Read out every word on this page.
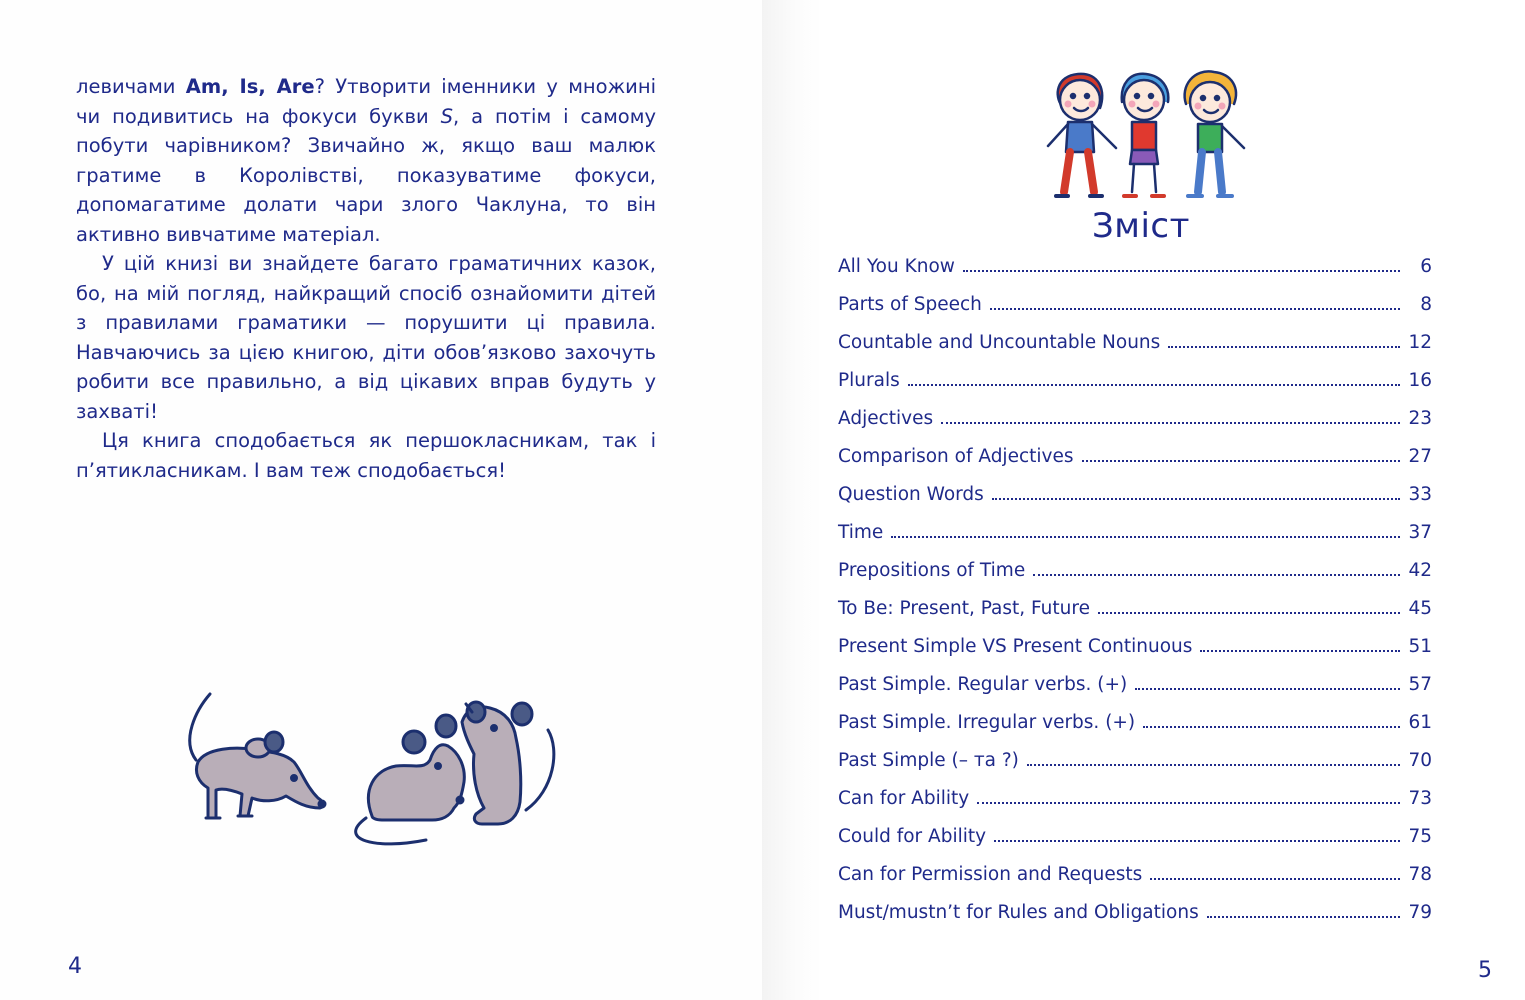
левичами Am, Is, Are? Утворити іменники у множині чи подивитись на фокуси букви S, а потім і самому побути чарівником? Звичайно ж, якщо ваш малюк гратиме в Королівстві, показуватиме фокуси, допомагатиме долати чари злого Чаклуна, то він активно вивчатиме матеріал.

У цій книзі ви знайдете багато граматичних казок, бо, на мій погляд, найкращий спосіб ознайомити дітей з правилами граматики — порушити ці правила. Навчаючись за цією книгою, діти обов’язково захочуть робити все правильно, а від цікавих вправ будуть у захваті!

Ця книга сподобається як першокласникам, так і п’ятикласникам. І вам теж сподобається!

4
Зміст
All You Know	6
Parts of Speech	8
Countable and Uncountable Nouns	12
Plurals	16
Adjectives	23
Comparison of Adjectives	27
Question Words	33
Time	37
Prepositions of Time	42
To Be: Present, Past, Future	45
Present Simple VS Present Continuous	51
Past Simple. Regular verbs. (+)	57
Past Simple. Irregular verbs. (+)	61
Past Simple (– та ?)	70
Can for Ability	73
Could for Ability	75
Can for Permission and Requests	78
Must/mustn’t for Rules and Obligations	79
5
